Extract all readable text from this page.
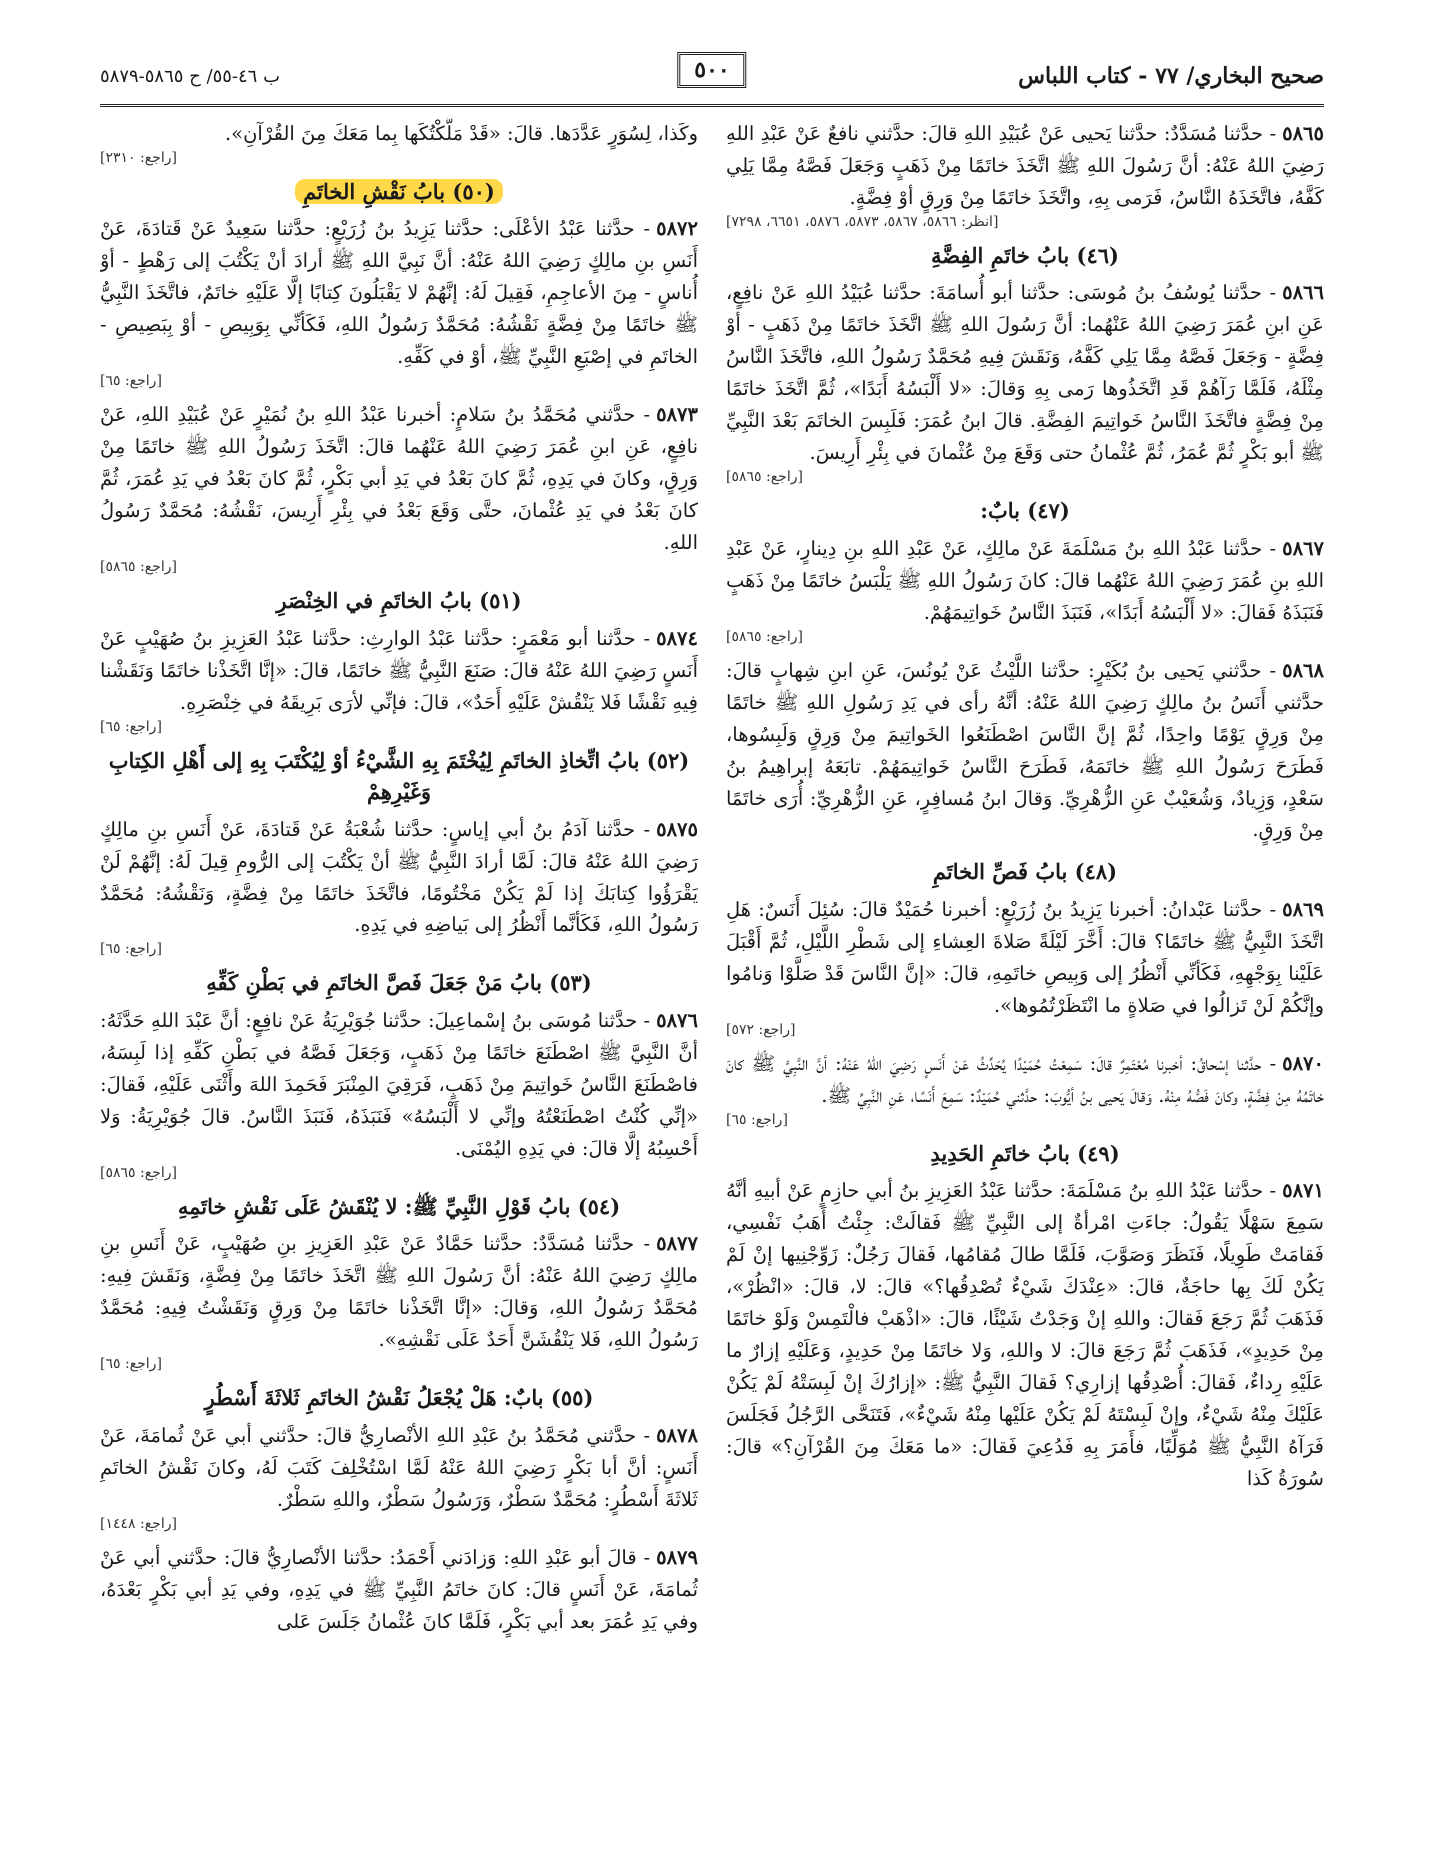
صحيح البخاري/ ٧٧ - كتاب اللباس
٥٠٠
ب ٤٦-٥٥/ ح ٥٨٦٥-٥٨٧٩

٥٨٦٥- حدَّثنا مُسَدَّدٌ: حدَّثنا يَحيى عَنْ عُبَيْدِ اللهِ قالَ: حدَّثني نافعٌ عَنْ عَبْدِ اللهِ رَضِيَ اللهُ عَنْهُ: أنَّ رَسُولَ اللهِ ﷺ اتَّخَذَ خاتَمًا مِنْ ذَهَبٍ وَجَعَلَ فَصَّهُ مِمَّا يَلِي كَفَّهُ، فاتَّخَذَهُ النَّاسُ، فَرَمى بِهِ، واتَّخَذَ خاتَمًا مِنْ وَرِقٍ أوْ فِضَّةٍ.

[انظر: ٥٨٦٦، ٥٨٦٧، ٥٨٧٣، ٥٨٧٦، ٦٦٥١، ٧٢٩٨]
(٤٦) بابُ خاتَمِ الفِضَّةِ

٥٨٦٦- حدَّثنا يُوسُفُ بنُ مُوسَى: حدَّثنا أبو أُسامَةَ: حدَّثنا عُبَيْدُ اللهِ عَنْ نافِعٍ، عَنِ ابنِ عُمَرَ رَضِيَ اللهُ عَنْهُما: أنَّ رَسُولَ اللهِ ﷺ اتَّخَذَ خاتَمًا مِنْ ذَهَبٍ - أوْ فِضَّةٍ - وَجَعَلَ فَصَّهُ مِمَّا يَلِي كَفَّهُ، وَنَقَشَ فِيهِ مُحَمَّدٌ رَسُولُ اللهِ، فاتَّخَذَ النَّاسُ مِثْلَهُ، فَلَمَّا رَآهُمْ قَدِ اتَّخَذُوها رَمى بِهِ وَقالَ: «لا أَلْبَسُهُ أَبَدًا»، ثُمَّ اتَّخَذَ خاتَمًا مِنْ فِضَّةٍ فاتَّخَذَ النَّاسُ خَواتِيمَ الفِضَّةِ. قالَ ابنُ عُمَرَ: فَلَبِسَ الخاتَمَ بَعْدَ النَّبِيِّ ﷺ أبو بَكْرٍ ثُمَّ عُمَرُ، ثُمَّ عُثْمانُ حتى وَقَعَ مِنْ عُثْمانَ في بِئْرِ أَرِيسَ.

[راجع: ٥٨٦٥]
(٤٧) بابٌ:

٥٨٦٧- حدَّثنا عَبْدُ اللهِ بنُ مَسْلَمَةَ عَنْ مالِكٍ، عَنْ عَبْدِ اللهِ بنِ دِينارٍ، عَنْ عَبْدِ اللهِ بنِ عُمَرَ رَضِيَ اللهُ عَنْهُما قالَ: كانَ رَسُولُ اللهِ ﷺ يَلْبَسُ خاتَمًا مِنْ ذَهَبٍ فَنَبَذَهُ فَقالَ: «لا أَلْبَسُهُ أَبَدًا»، فَنَبَذَ النَّاسُ خَواتِيمَهُمْ.

[راجع: ٥٨٦٥]

٥٨٦٨- حدَّثني يَحيى بنُ بُكَيْرٍ: حدَّثنا اللَّيْثُ عَنْ يُونُسَ، عَنِ ابنِ شِهابٍ قالَ: حدَّثني أَنَسُ بنُ مالِكٍ رَضِيَ اللهُ عَنْهُ: أنَّهُ رأى في يَدِ رَسُولِ اللهِ ﷺ خاتَمًا مِنْ وَرِقٍ يَوْمًا واحِدًا، ثُمَّ إنَّ النَّاسَ اصْطَنَعُوا الخَواتِيمَ مِنْ وَرِقٍ وَلَبِسُوها، فَطَرَحَ رَسُولُ اللهِ ﷺ خاتَمَهُ، فَطَرَحَ النَّاسُ خَواتِيمَهُمْ. تابَعَهُ إبراهِيمُ بنُ سَعْدٍ، وَزِيادٌ، وَشُعَيْبٌ عَنِ الزُّهْرِيِّ. وَقالَ ابنُ مُسافِرٍ، عَنِ الزُّهْرِيِّ: أُرَى خاتَمًا مِنْ وَرِقٍ.

(٤٨) بابُ فَصِّ الخاتَمِ

٥٨٦٩- حدَّثنا عَبْدانُ: أخبرنا يَزِيدُ بنُ زُرَيْعٍ: أخبرنا حُمَيْدٌ قالَ: سُئِلَ أَنَسٌ: هَلِ اتَّخَذَ النَّبِيُّ ﷺ خاتَمًا؟ قالَ: أَخَّرَ لَيْلَةً صَلاةَ العِشاءِ إلى شَطْرِ اللَّيْلِ، ثُمَّ أَقْبَلَ عَلَيْنا بِوَجْهِهِ، فَكَأنِّي أَنْظُرُ إلى وَبِيصِ خاتَمِهِ، قالَ: «إنَّ النَّاسَ قَدْ صَلَّوْا وَنامُوا وإنَّكُمْ لَنْ تَزالُوا في صَلاةٍ ما انْتَظَرْتُمُوها».

[راجع: ٥٧٢]

٥٨٧٠- حدَّثنا إسْحاقُ: أخبرنا مُعْتَمِرٌ قالَ: سَمِعْتُ حُمَيْدًا يُحَدِّثُ عَنْ أَنَسٍ رَضِيَ اللهُ عَنْهُ: أنَّ النَّبِيَّ ﷺ كانَ خاتَمُهُ مِنْ فِضَّةٍ، وكانَ فَصُّهُ مِنْهُ. وَقالَ يَحيى بنُ أيُّوبَ: حدَّثني حُمَيْدٌ: سَمِعَ أَنَسًا، عَنِ النَّبِيِّ ﷺ.

[راجع: ٦٥]
(٤٩) بابُ خاتَمِ الحَدِيدِ

٥٨٧١- حدَّثنا عَبْدُ اللهِ بنُ مَسْلَمَةَ: حدَّثنا عَبْدُ العَزِيزِ بنُ أبي حازِمٍ عَنْ أبيهِ أنَّهُ سَمِعَ سَهْلًا يَقُولُ: جاءَتِ امْرأةٌ إلى النَّبِيِّ ﷺ فَقالَتْ: جِئْتُ أَهَبُ نَفْسِي، فَقامَتْ طَوِيلًا، فَنَظَرَ وَصَوَّبَ، فَلَمَّا طالَ مُقامُها، فَقالَ رَجُلٌ: زَوِّجْنِيها إنْ لَمْ يَكُنْ لَكَ بِها حاجَةٌ، قالَ: «عِنْدَكَ شَيْءٌ تُصْدِقُها؟» قالَ: لا، قالَ: «انْظُرْ»، فَذَهَبَ ثُمَّ رَجَعَ فَقالَ: واللهِ إنْ وَجَدْتُ شَيْئًا، قالَ: «اذْهَبْ فالْتَمِسْ وَلَوْ خاتَمًا مِنْ حَدِيدٍ»، فَذَهَبَ ثُمَّ رَجَعَ قالَ: لا واللهِ، وَلا خاتَمًا مِنْ حَدِيدٍ، وَعَلَيْهِ إزارٌ ما عَلَيْهِ رِداءٌ، فَقالَ: أُصْدِقُها إزارِي؟ فَقالَ النَّبِيُّ ﷺ: «إزارُكَ إنْ لَبِسَتْهُ لَمْ يَكُنْ عَلَيْكَ مِنْهُ شَيْءٌ، وإنْ لَبِسْتَهُ لَمْ يَكُنْ عَلَيْها مِنْهُ شَيْءٌ»، فَتَنَحَّى الرَّجُلُ فَجَلَسَ فَرَآهُ النَّبِيُّ ﷺ مُوَلِّيًا، فأَمَرَ بِهِ فَدُعِيَ فَقالَ: «ما مَعَكَ مِنَ القُرْآنِ؟» قالَ: سُورَةُ كَذا

وكَذا، لِسُوَرٍ عَدَّدَها. قالَ: «قَدْ مَلَّكْتُكَها بِما مَعَكَ مِنَ القُرْآنِ».

[راجع: ٢٣١٠]
(٥٠) بابُ نَقْشِ الخاتَمِ

٥٨٧٢- حدَّثنا عَبْدُ الأعْلَى: حدَّثنا يَزِيدُ بنُ زُرَيْعٍ: حدَّثنا سَعِيدٌ عَنْ قَتادَةَ، عَنْ أَنَسِ بنِ مالِكٍ رَضِيَ اللهُ عَنْهُ: أنَّ نَبِيَّ اللهِ ﷺ أرادَ أنْ يَكْتُبَ إلى رَهْطٍ - أوْ أُناسٍ - مِنَ الأعاجِمِ، فَقِيلَ لَهُ: إنَّهُمْ لا يَقْبَلُونَ كِتابًا إلَّا عَلَيْهِ خاتَمٌ، فاتَّخَذَ النَّبِيُّ ﷺ خاتَمًا مِنْ فِضَّةٍ نَقْشُهُ: مُحَمَّدٌ رَسُولُ اللهِ، فَكَأنِّي بِوَبِيصِ - أوْ بِبَصِيصِ - الخاتَمِ في إصْبَعِ النَّبِيِّ ﷺ، أوْ في كَفِّهِ.

[راجع: ٦٥]

٥٨٧٣- حدَّثني مُحَمَّدُ بنُ سَلامٍ: أخبرنا عَبْدُ اللهِ بنُ نُمَيْرٍ عَنْ عُبَيْدِ اللهِ، عَنْ نافِعٍ، عَنِ ابنِ عُمَرَ رَضِيَ اللهُ عَنْهُما قالَ: اتَّخَذَ رَسُولُ اللهِ ﷺ خاتَمًا مِنْ وَرِقٍ، وكانَ في يَدِهِ، ثُمَّ كانَ بَعْدُ في يَدِ أبي بَكْرٍ، ثُمَّ كانَ بَعْدُ في يَدِ عُمَرَ، ثُمَّ كانَ بَعْدُ في يَدِ عُثْمانَ، حتَّى وَقَعَ بَعْدُ في بِئْرِ أَرِيسَ، نَقْشُهُ: مُحَمَّدٌ رَسُولُ اللهِ.

[راجع: ٥٨٦٥]
(٥١) بابُ الخاتَمِ في الخِنْصَرِ

٥٨٧٤- حدَّثنا أبو مَعْمَرٍ: حدَّثنا عَبْدُ الوارِثِ: حدَّثنا عَبْدُ العَزِيزِ بنُ صُهَيْبٍ عَنْ أَنَسٍ رَضِيَ اللهُ عَنْهُ قالَ: صَنَعَ النَّبِيُّ ﷺ خاتَمًا، قالَ: «إنَّا اتَّخَذْنا خاتَمًا وَنَقَشْنا فِيهِ نَقْشًا فَلا يَنْقُشْ عَلَيْهِ أَحَدٌ»، قالَ: فإنِّي لأرَى بَرِيقَهُ في خِنْصَرِهِ.

[راجع: ٦٥]
(٥٢) بابُ اتِّخاذِ الخاتَمِ لِيُخْتَمَ بِهِ الشَّيْءُ أوْ لِيُكْتَبَ بِهِ إلى أَهْلِ الكِتابِ وَغَيْرِهِمْ

٥٨٧٥- حدَّثنا آدَمُ بنُ أبي إياسٍ: حدَّثنا شُعْبَةُ عَنْ قَتادَةَ، عَنْ أَنَسِ بنِ مالِكٍ رَضِيَ اللهُ عَنْهُ قالَ: لَمَّا أرادَ النَّبِيُّ ﷺ أنْ يَكْتُبَ إلى الرُّومِ قِيلَ لَهُ: إنَّهُمْ لَنْ يَقْرَؤُوا كِتابَكَ إذا لَمْ يَكُنْ مَخْتُومًا، فاتَّخَذَ خاتَمًا مِنْ فِضَّةٍ، وَنَقْشُهُ: مُحَمَّدٌ رَسُولُ اللهِ، فَكَأنَّما أَنْظُرُ إلى بَياضِهِ في يَدِهِ.

[راجع: ٦٥]
(٥٣) بابُ مَنْ جَعَلَ فَصَّ الخاتَمِ في بَطْنِ كَفِّهِ

٥٨٧٦- حدَّثنا مُوسَى بنُ إسْماعِيلَ: حدَّثنا جُوَيْرِيَةُ عَنْ نافِعٍ: أنَّ عَبْدَ اللهِ حَدَّثَهُ: أنَّ النَّبِيَّ ﷺ اصْطَنَعَ خاتَمًا مِنْ ذَهَبٍ، وَجَعَلَ فَصَّهُ في بَطْنِ كَفِّهِ إذا لَبِسَهُ، فاصْطَنَعَ النَّاسُ خَواتِيمَ مِنْ ذَهَبٍ، فَرَقِيَ المِنْبَرَ فَحَمِدَ اللهَ وأَثْنَى عَلَيْهِ، فَقالَ: «إنِّي كُنْتُ اصْطَنَعْتُهُ وإنِّي لا أَلْبَسُهُ» فَنَبَذَهُ، فَنَبَذَ النَّاسُ. قالَ جُوَيْرِيَةُ: وَلا أَحْسِبُهُ إلَّا قالَ: في يَدِهِ اليُمْنَى.

[راجع: ٥٨٦٥]
(٥٤) بابُ قَوْلِ النَّبِيِّ ﷺ: لا يُنْقَشُ عَلَى نَقْشِ خاتَمِهِ

٥٨٧٧- حدَّثنا مُسَدَّدٌ: حدَّثنا حَمَّادٌ عَنْ عَبْدِ العَزِيزِ بنِ صُهَيْبٍ، عَنْ أَنَسِ بنِ مالِكٍ رَضِيَ اللهُ عَنْهُ: أنَّ رَسُولَ اللهِ ﷺ اتَّخَذَ خاتَمًا مِنْ فِضَّةٍ، وَنَقَشَ فِيهِ: مُحَمَّدٌ رَسُولُ اللهِ، وَقالَ: «إنَّا اتَّخَذْنا خاتَمًا مِنْ وَرِقٍ وَنَقَشْتُ فِيهِ: مُحَمَّدٌ رَسُولُ اللهِ، فَلا يَنْقُشَنَّ أَحَدٌ عَلَى نَقْشِهِ».

[راجع: ٦٥]
(٥٥) بابٌ: هَلْ يُجْعَلُ نَقْشُ الخاتَمِ ثَلاثَةَ أَسْطُرٍ

٥٨٧٨- حدَّثني مُحَمَّدُ بنُ عَبْدِ اللهِ الأنْصارِيُّ قالَ: حدَّثني أبي عَنْ ثُمامَةَ، عَنْ أَنَسٍ: أنَّ أبا بَكْرٍ رَضِيَ اللهُ عَنْهُ لَمَّا اسْتُخْلِفَ كَتَبَ لَهُ، وكانَ نَقْشُ الخاتَمِ ثَلاثَةَ أَسْطُرٍ: مُحَمَّدٌ سَطْرٌ، وَرَسُولُ سَطْرٌ، واللهِ سَطْرٌ.

[راجع: ١٤٤٨]

٥٨٧٩- قالَ أبو عَبْدِ اللهِ: وَزادَني أَحْمَدُ: حدَّثنا الأنْصارِيُّ قالَ: حدَّثني أبي عَنْ ثُمامَةَ، عَنْ أَنَسٍ قالَ: كانَ خاتَمُ النَّبِيِّ ﷺ في يَدِهِ، وفي يَدِ أبي بَكْرٍ بَعْدَهُ، وفي يَدِ عُمَرَ بعد أبي بَكْرٍ، فَلَمَّا كانَ عُثْمانُ جَلَسَ عَلى
